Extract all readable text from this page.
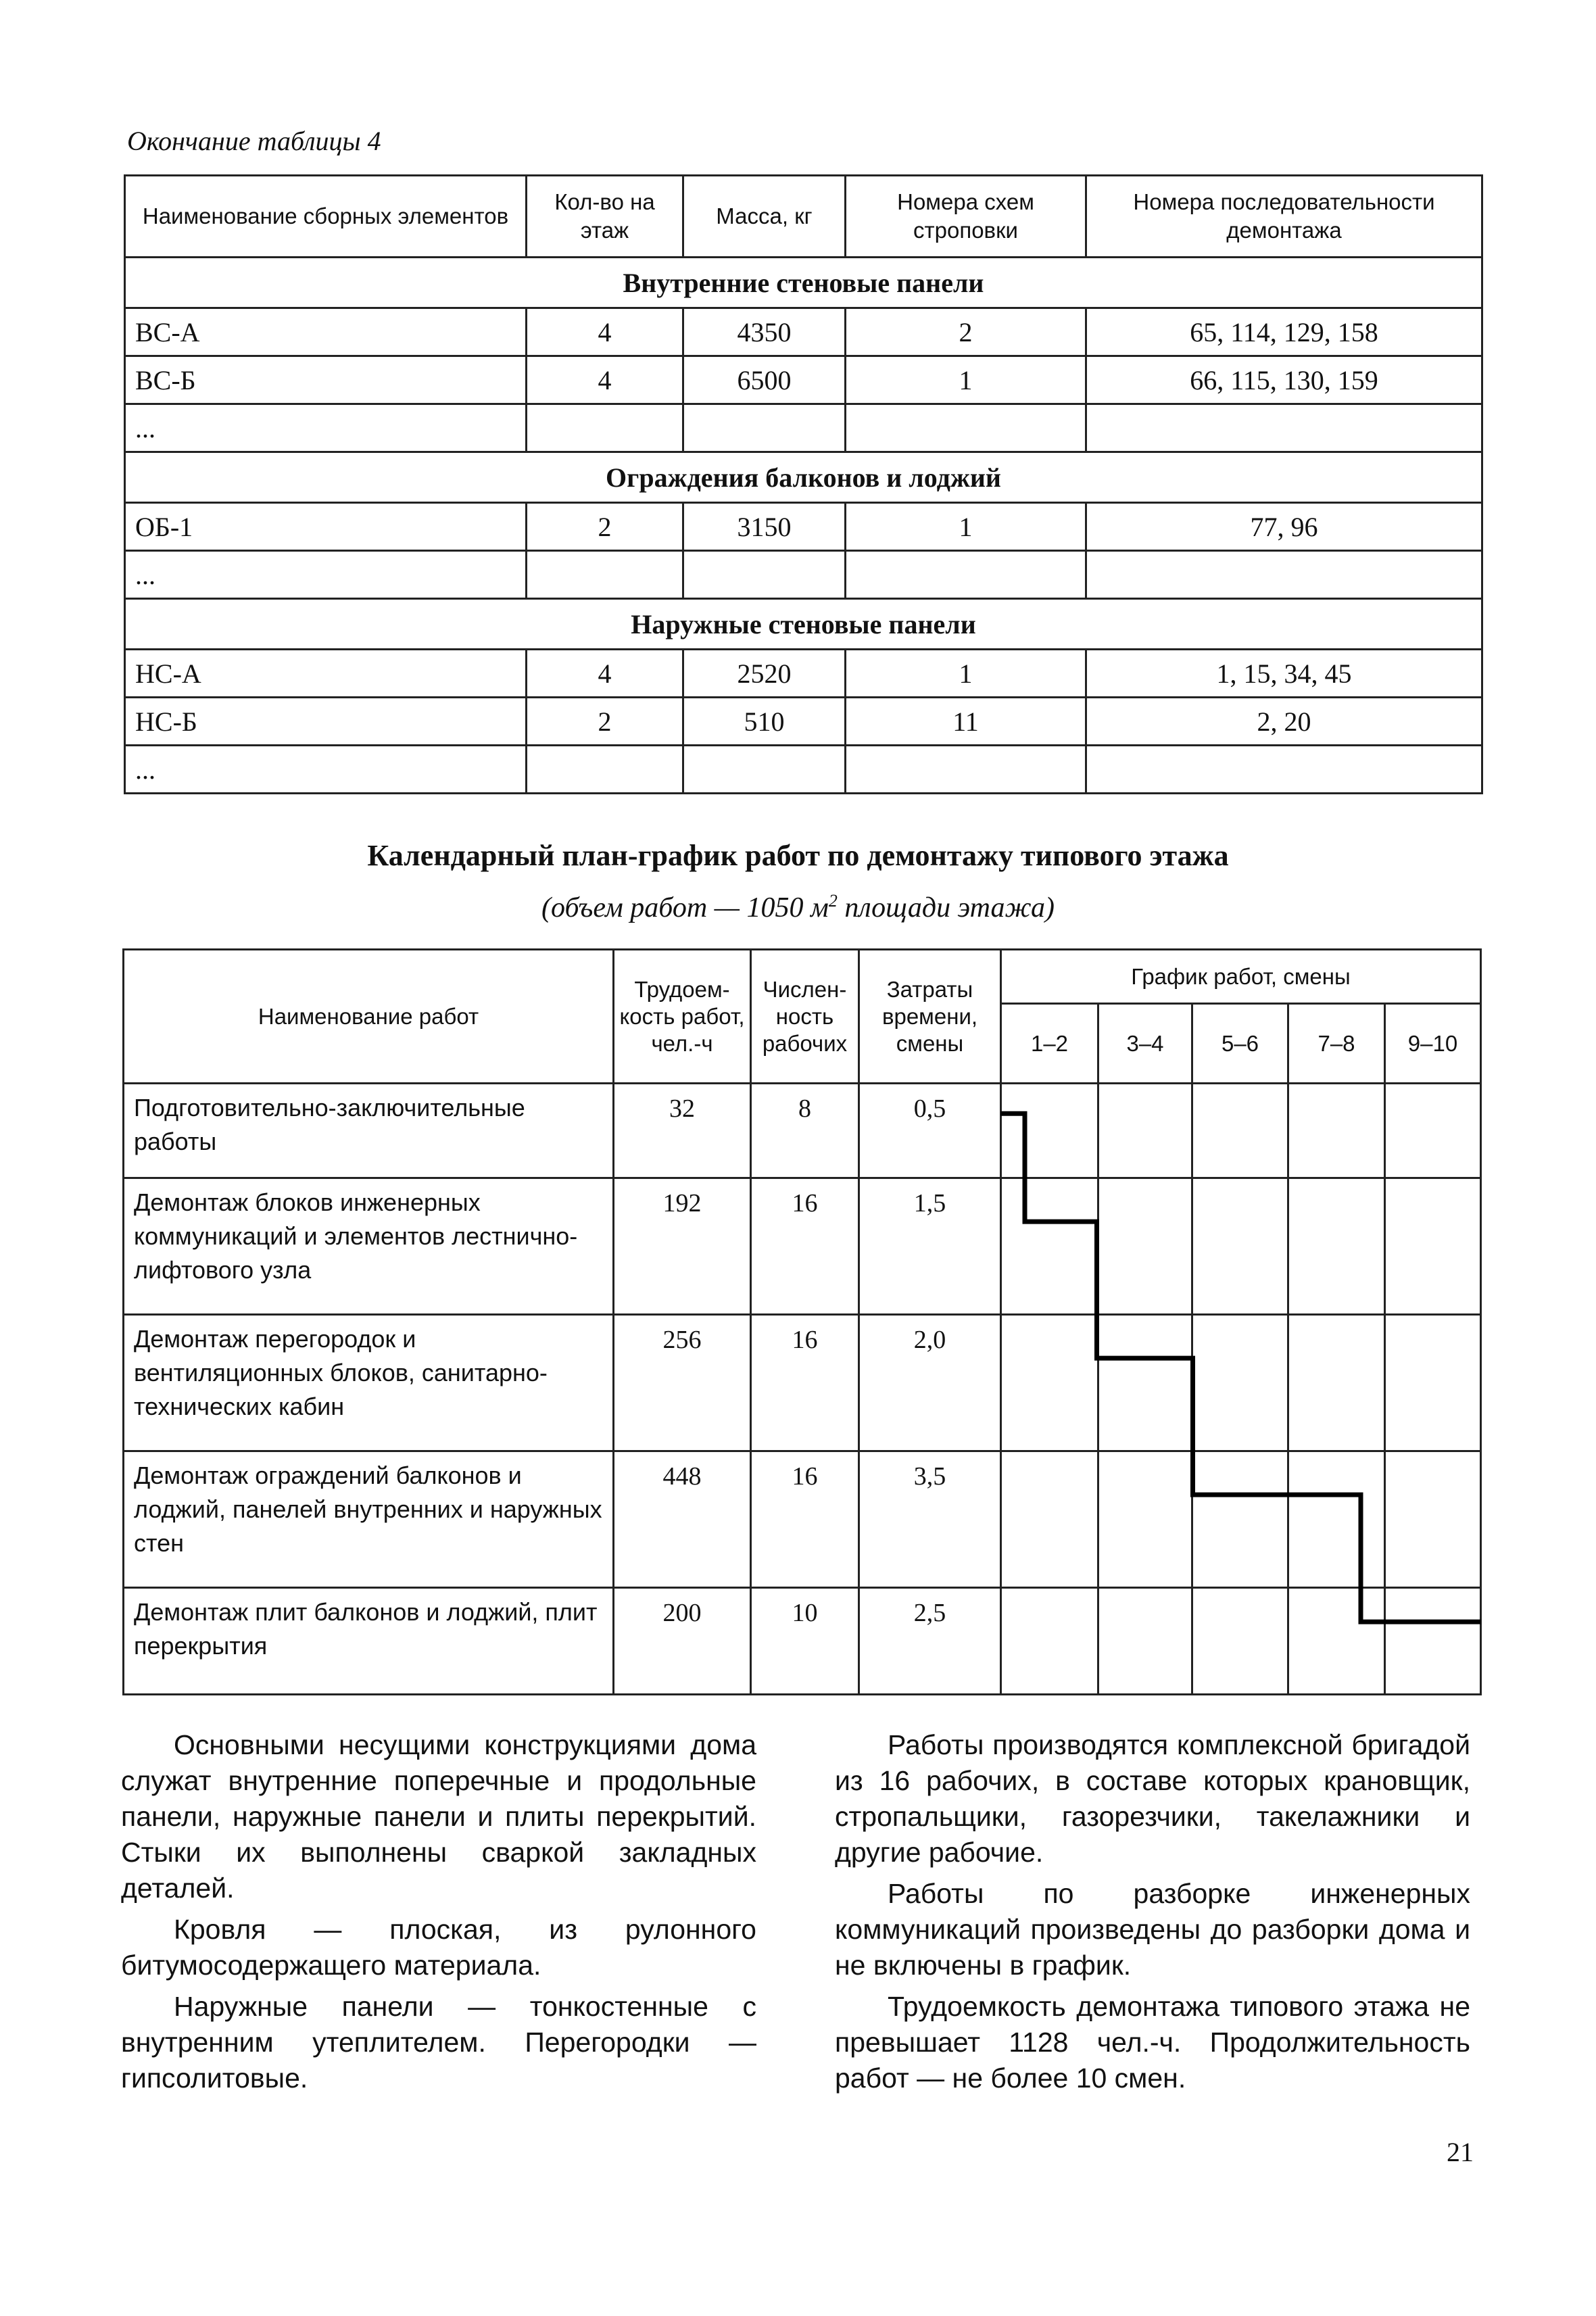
Окончание таблицы 4
Наименование сборных элементов	Кол-во на этаж	Масса, кг	Номера схем строповки	Номера последовательности демонтажа
Внутренние стеновые панели				
ВС-А	4	4350	2	65, 114, 129, 158
ВС-Б	4	6500	1	66, 115, 130, 159
...				
Ограждения балконов и лоджий				
ОБ-1	2	3150	1	77, 96
...				
Наружные стеновые панели				
НС-А	4	2520	1	1, 15, 34, 45
НС-Б	2	510	11	2, 20
...				
Календарный план-график работ по демонтажу типового этажа
(объем работ — 1050 $м^2$ площади этажа)
Наименование работ	Трудоем-кость работ, чел.-ч	Числен-ность рабочих	Затраты времени, смены	График работ, смены				
				1–2	3–4	5–6	7–8	9–10
Подготовительно-заключительные работы	32	8	0,5					
Демонтаж блоков инженерных коммуникаций и элементов лестнично-лифтового узла	192	16	1,5					
Демонтаж перегородок и вентиляционных блоков, санитарно-технических кабин	256	16	2,0					
Демонтаж ограждений балконов и лоджий, панелей внутренних и наружных стен	448	16	3,5					
Демонтаж плит балконов и лоджий, плит перекрытия	200	10	2,5					

Основными несущими конструкциями дома служат внутренние поперечные и продольные панели, наружные панели и плиты перекрытий. Стыки их выполнены сваркой закладных деталей.

Кровля — плоская, из рулонного битумосодержащего материала.

Наружные панели — тонкостенные с внутренним утеплителем. Перегородки — гипсолитовые.

Работы производятся комплексной бригадой из 16 рабочих, в составе которых крановщик, стропальщики, газорезчики, такелажники и другие рабочие.

Работы по разборке инженерных коммуникаций произведены до разборки дома и не включены в график.

Трудоемкость демонтажа типового этажа не превышает 1128 чел.-ч. Продолжительность работ — не более 10 смен.

21
